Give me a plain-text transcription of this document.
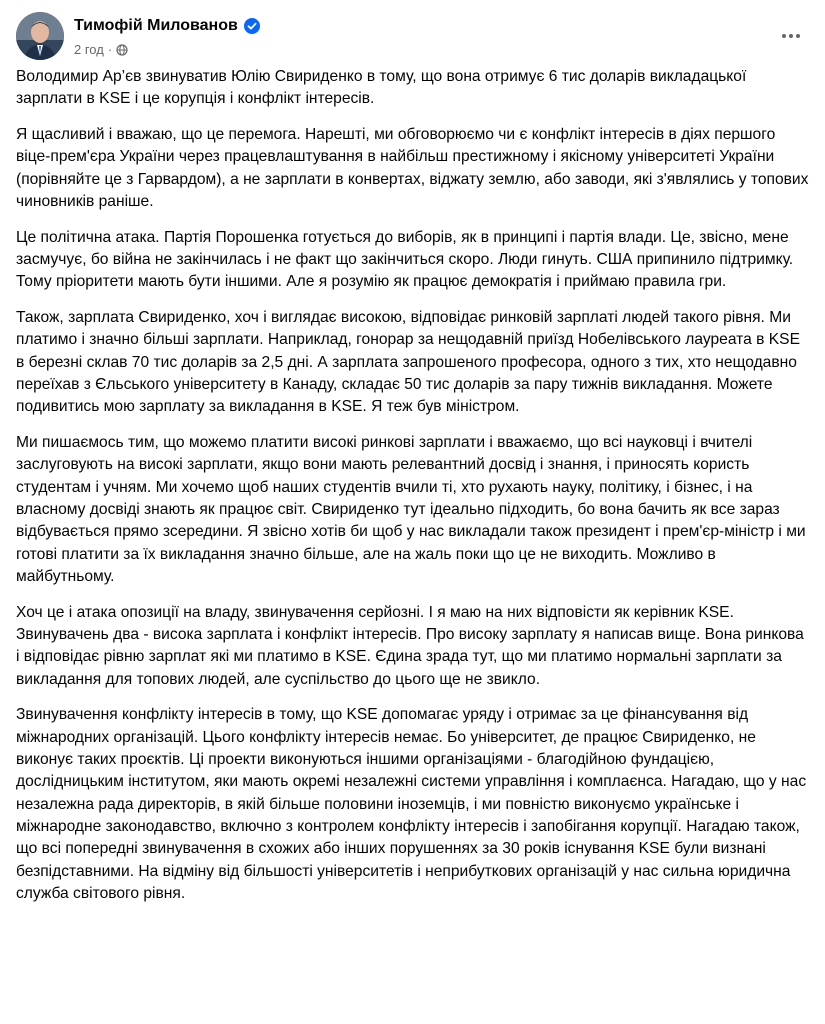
Тимофій Милованов
2 год ·

Володимир Ар’єв звинуватив Юлію Свириденко в тому, що вона отримує 6 тис доларів викладацької зарплати в KSE і це корупція і конфлікт інтересів.

Я щасливий і вважаю, що це перемога. Нарешті, ми обговорюємо чи є конфлікт інтересів в діях першого віце-прем'єра України через працевлаштування в найбільш престижному і якісному університеті України (порівняйте це з Гарвардом), а не зарплати в конвертах, віджату землю, або заводи, які з'являлись у топових чиновників раніше.

Це політична атака. Партія Порошенка готується до виборів, як в принципі і партія влади. Це, звісно, мене засмучує, бо війна не закінчилась і не факт що закінчиться скоро. Люди гинуть. США припинило підтримку. Тому пріоритети мають бути іншими. Але я розумію як працює демократія і приймаю правила гри.

Також, зарплата Свириденко, хоч і виглядає високою, відповідає ринковій зарплаті людей такого рівня. Ми платимо і значно більші зарплати. Наприклад, гонорар за нещодавній приїзд Нобелівського лауреата в KSE в березні склав 70 тис доларів за 2,5 дні. А зарплата запрошеного професора, одного з тих, хто нещодавно переїхав з Єльського університету в Канаду, складає 50 тис доларів за пару тижнів викладання. Можете подивитись мою зарплату за викладання в KSE. Я теж був міністром.

Ми пишаємось тим, що можемо платити високі ринкові зарплати і вважаємо, що всі науковці і вчителі заслуговують на високі зарплати, якщо вони мають релевантний досвід і знання, і приносять користь студентам і учням. Ми хочемо щоб наших студентів вчили ті, хто рухають науку, політику, і бізнес, і на власному досвіді знають як працює світ. Свириденко тут ідеально підходить, бо вона бачить як все зараз відбувається прямо зсередини. Я звісно хотів би щоб у нас викладали також президент і прем'єр-міністр і ми готові платити за їх викладання значно більше, але на жаль поки що це не виходить. Можливо в майбутньому.

Хоч це і атака опозиції на владу, звинувачення серйозні. І я маю на них відповісти як керівник KSE. Звинувачень два - висока зарплата і конфлікт інтересів. Про високу зарплату я написав вище. Вона ринкова і відповідає рівню зарплат які ми платимо в KSE. Єдина зрада тут, що ми платимо нормальні зарплати за викладання для топових людей, але суспільство до цього ще не звикло.

Звинувачення конфлікту інтересів в тому, що KSE допомагає уряду і отримає за це фінансування від міжнародних організацій. Цього конфлікту інтересів немає. Бо університет, де працює Свириденко, не виконує таких проєктів. Ці проекти виконуються іншими організаціями - благодійною фундацією, дослідницьким інститутом, яки мають окремі незалежні системи управління і комплаєнса. Нагадаю, що у нас незалежна рада директорів, в якій більше половини іноземців, і ми повністю виконуємо українське і міжнародне законодавство, включно з контролем конфлікту інтересів і запобігання корупції. Нагадаю також, що всі попередні звинувачення в схожих або інших порушеннях за 30 років існування KSE були визнані безпідставними. На відміну від більшості університетів і неприбуткових організацій у нас сильна юридична служба світового рівня.
